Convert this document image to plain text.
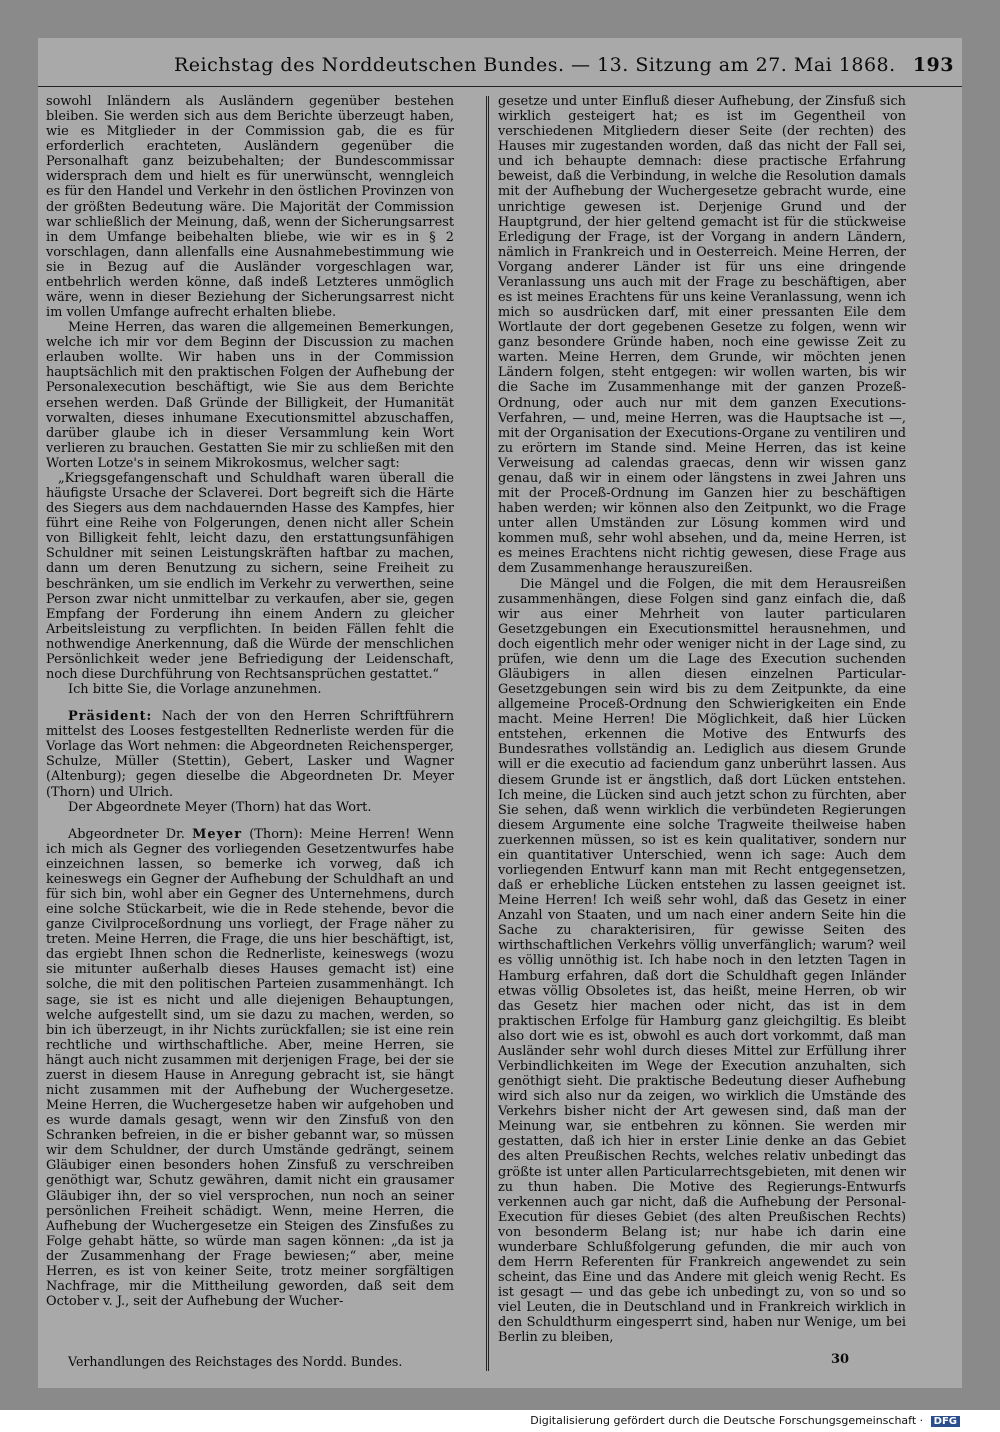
Reichstag des Norddeutschen Bundes. — 13. Sitzung am 27. Mai 1868. 193

sowohl Inländern als Ausländern gegenüber bestehen bleiben. Sie werden sich aus dem Berichte überzeugt haben, wie es Mitglieder in der Commission gab, die es für erforderlich erachteten, Ausländern gegenüber die Personalhaft ganz beizubehalten; der Bundescommissar widersprach dem und hielt es für unerwünscht, wenngleich es für den Handel und Verkehr in den östlichen Provinzen von der größten Bedeutung wäre. Die Majorität der Commission war schließlich der Meinung, daß, wenn der Sicherungsarrest in dem Umfange beibehalten bliebe, wie wir es in § 2 vorschlagen, dann allenfalls eine Ausnahmebestimmung wie sie in Bezug auf die Ausländer vorgeschlagen war, entbehrlich werden könne, daß indeß Letzteres unmöglich wäre, wenn in dieser Beziehung der Sicherungsarrest nicht im vollen Umfange aufrecht erhalten bliebe.

Meine Herren, das waren die allgemeinen Bemerkungen, welche ich mir vor dem Beginn der Discussion zu machen erlauben wollte. Wir haben uns in der Commission hauptsächlich mit den praktischen Folgen der Aufhebung der Personalexecution beschäftigt, wie Sie aus dem Berichte ersehen werden. Daß Gründe der Billigkeit, der Humanität vorwalten, dieses inhumane Executionsmittel abzuschaffen, darüber glaube ich in dieser Versammlung kein Wort verlieren zu brauchen. Gestatten Sie mir zu schließen mit den Worten Lotze's in seinem Mikrokosmus, welcher sagt:

„Kriegsgefangenschaft und Schuldhaft waren überall die häufigste Ursache der Sclaverei. Dort begreift sich die Härte des Siegers aus dem nachdauernden Hasse des Kampfes, hier führt eine Reihe von Folgerungen, denen nicht aller Schein von Billigkeit fehlt, leicht dazu, den erstattungsunfähigen Schuldner mit seinen Leistungskräften haftbar zu machen, dann um deren Benutzung zu sichern, seine Freiheit zu beschränken, um sie endlich im Verkehr zu verwerthen, seine Person zwar nicht unmittelbar zu verkaufen, aber sie, gegen Empfang der Forderung ihn einem Andern zu gleicher Arbeitsleistung zu verpflichten. In beiden Fällen fehlt die nothwendige Anerkennung, daß die Würde der menschlichen Persönlichkeit weder jene Befriedigung der Leidenschaft, noch diese Durchführung von Rechtsansprüchen gestattet.“

Ich bitte Sie, die Vorlage anzunehmen.

Präsident: Nach der von den Herren Schriftführern mittelst des Looses festgestellten Rednerliste werden für die Vorlage das Wort nehmen: die Abgeordneten Reichensperger, Schulze, Müller (Stettin), Gebert, Lasker und Wagner (Altenburg); gegen dieselbe die Abgeordneten Dr. Meyer (Thorn) und Ulrich.

Der Abgeordnete Meyer (Thorn) hat das Wort.

Abgeordneter Dr. Meyer (Thorn): Meine Herren! Wenn ich mich als Gegner des vorliegenden Gesetzentwurfes habe einzeichnen lassen, so bemerke ich vorweg, daß ich keineswegs ein Gegner der Aufhebung der Schuldhaft an und für sich bin, wohl aber ein Gegner des Unternehmens, durch eine solche Stückarbeit, wie die in Rede stehende, bevor die ganze Civilproceßordnung uns vorliegt, der Frage näher zu treten. Meine Herren, die Frage, die uns hier beschäftigt, ist, das ergiebt Ihnen schon die Rednerliste, keineswegs (wozu sie mitunter außerhalb dieses Hauses gemacht ist) eine solche, die mit den politischen Parteien zusammenhängt. Ich sage, sie ist es nicht und alle diejenigen Behauptungen, welche aufgestellt sind, um sie dazu zu machen, werden, so bin ich überzeugt, in ihr Nichts zurückfallen; sie ist eine rein rechtliche und wirthschaftliche. Aber, meine Herren, sie hängt auch nicht zusammen mit derjenigen Frage, bei der sie zuerst in diesem Hause in Anregung gebracht ist, sie hängt nicht zusammen mit der Aufhebung der Wuchergesetze. Meine Herren, die Wuchergesetze haben wir aufgehoben und es wurde damals gesagt, wenn wir den Zinsfuß von den Schranken befreien, in die er bisher gebannt war, so müssen wir dem Schuldner, der durch Umstände gedrängt, seinem Gläubiger einen besonders hohen Zinsfuß zu verschreiben genöthigt war, Schutz gewähren, damit nicht ein grausamer Gläubiger ihn, der so viel versprochen, nun noch an seiner persönlichen Freiheit schädigt. Wenn, meine Herren, die Aufhebung der Wuchergesetze ein Steigen des Zinsfußes zu Folge gehabt hätte, so würde man sagen können: „da ist ja der Zusammenhang der Frage bewiesen;“ aber, meine Herren, es ist von keiner Seite, trotz meiner sorgfältigen Nachfrage, mir die Mittheilung geworden, daß seit dem October v. J., seit der Aufhebung der Wucher-

gesetze und unter Einfluß dieser Aufhebung, der Zinsfuß sich wirklich gesteigert hat; es ist im Gegentheil von verschiedenen Mitgliedern dieser Seite (der rechten) des Hauses mir zugestanden worden, daß das nicht der Fall sei, und ich behaupte demnach: diese practische Erfahrung beweist, daß die Verbindung, in welche die Resolution damals mit der Aufhebung der Wuchergesetze gebracht wurde, eine unrichtige gewesen ist. Derjenige Grund und der Hauptgrund, der hier geltend gemacht ist für die stückweise Erledigung der Frage, ist der Vorgang in andern Ländern, nämlich in Frankreich und in Oesterreich. Meine Herren, der Vorgang anderer Länder ist für uns eine dringende Veranlassung uns auch mit der Frage zu beschäftigen, aber es ist meines Erachtens für uns keine Veranlassung, wenn ich mich so ausdrücken darf, mit einer pressanten Eile dem Wortlaute der dort gegebenen Gesetze zu folgen, wenn wir ganz besondere Gründe haben, noch eine gewisse Zeit zu warten. Meine Herren, dem Grunde, wir möchten jenen Ländern folgen, steht entgegen: wir wollen warten, bis wir die Sache im Zusammenhange mit der ganzen Prozeß-Ordnung, oder auch nur mit dem ganzen Executions-Verfahren, — und, meine Herren, was die Hauptsache ist —, mit der Organisation der Executions-Organe zu ventiliren und zu erörtern im Stande sind. Meine Herren, das ist keine Verweisung ad calendas graecas, denn wir wissen ganz genau, daß wir in einem oder längstens in zwei Jahren uns mit der Proceß-Ordnung im Ganzen hier zu beschäftigen haben werden; wir können also den Zeitpunkt, wo die Frage unter allen Umständen zur Lösung kommen wird und kommen muß, sehr wohl absehen, und da, meine Herren, ist es meines Erachtens nicht richtig gewesen, diese Frage aus dem Zusammenhange herauszureißen.

Die Mängel und die Folgen, die mit dem Herausreißen zusammenhängen, diese Folgen sind ganz einfach die, daß wir aus einer Mehrheit von lauter particularen Gesetzgebungen ein Executionsmittel herausnehmen, und doch eigentlich mehr oder weniger nicht in der Lage sind, zu prüfen, wie denn um die Lage des Execution suchenden Gläubigers in allen diesen einzelnen Particular-Gesetzgebungen sein wird bis zu dem Zeitpunkte, da eine allgemeine Proceß-Ordnung den Schwierigkeiten ein Ende macht. Meine Herren! Die Möglichkeit, daß hier Lücken entstehen, erkennen die Motive des Entwurfs des Bundesrathes vollständig an. Lediglich aus diesem Grunde will er die executio ad faciendum ganz unberührt lassen. Aus diesem Grunde ist er ängstlich, daß dort Lücken entstehen. Ich meine, die Lücken sind auch jetzt schon zu fürchten, aber Sie sehen, daß wenn wirklich die verbündeten Regierungen diesem Argumente eine solche Tragweite theilweise haben zuerkennen müssen, so ist es kein qualitativer, sondern nur ein quantitativer Unterschied, wenn ich sage: Auch dem vorliegenden Entwurf kann man mit Recht entgegensetzen, daß er erhebliche Lücken entstehen zu lassen geeignet ist. Meine Herren! Ich weiß sehr wohl, daß das Gesetz in einer Anzahl von Staaten, und um nach einer andern Seite hin die Sache zu charakterisiren, für gewisse Seiten des wirthschaftlichen Verkehrs völlig unverfänglich; warum? weil es völlig unnöthig ist. Ich habe noch in den letzten Tagen in Hamburg erfahren, daß dort die Schuldhaft gegen Inländer etwas völlig Obsoletes ist, das heißt, meine Herren, ob wir das Gesetz hier machen oder nicht, das ist in dem praktischen Erfolge für Hamburg ganz gleichgiltig. Es bleibt also dort wie es ist, obwohl es auch dort vorkommt, daß man Ausländer sehr wohl durch dieses Mittel zur Erfüllung ihrer Verbindlichkeiten im Wege der Execution anzuhalten, sich genöthigt sieht. Die praktische Bedeutung dieser Aufhebung wird sich also nur da zeigen, wo wirklich die Umstände des Verkehrs bisher nicht der Art gewesen sind, daß man der Meinung war, sie entbehren zu können. Sie werden mir gestatten, daß ich hier in erster Linie denke an das Gebiet des alten Preußischen Rechts, welches relativ unbedingt das größte ist unter allen Particularrechtsgebieten, mit denen wir zu thun haben. Die Motive des Regierungs-Entwurfs verkennen auch gar nicht, daß die Aufhebung der Personal-Execution für dieses Gebiet (des alten Preußischen Rechts) von besonderm Belang ist; nur habe ich darin eine wunderbare Schlußfolgerung gefunden, die mir auch von dem Herrn Referenten für Frankreich angewendet zu sein scheint, das Eine und das Andere mit gleich wenig Recht. Es ist gesagt — und das gebe ich unbedingt zu, von so und so viel Leuten, die in Deutschland und in Frankreich wirklich in den Schuldthurm eingesperrt sind, haben nur Wenige, um bei Berlin zu bleiben,

Verhandlungen des Reichstages des Nordd. Bundes.	30
Digitalisierung gefördert durch die Deutsche Forschungsgemeinschaft · DFG
